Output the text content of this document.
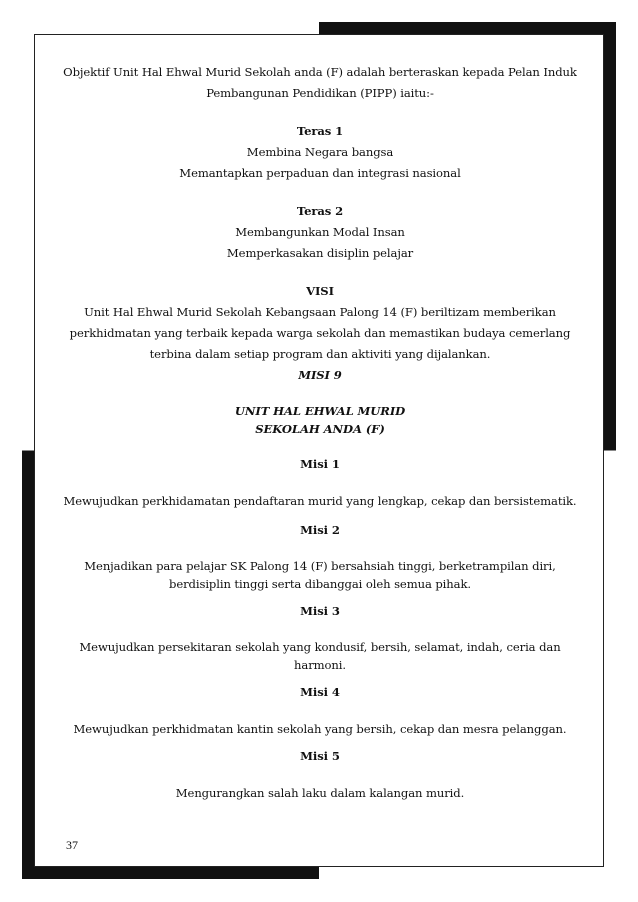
Objektif Unit Hal Ehwal Murid Sekolah anda (F) adalah berteraskan kepada Pelan Induk

Pembangunan Pendidikan (PIPP) iaitu:-

Teras 1

Membina Negara bangsa

Memantapkan perpaduan dan integrasi nasional

Teras 2

Membangunkan Modal Insan

Memperkasakan disiplin pelajar

VISI

Unit Hal Ehwal Murid Sekolah Kebangsaan Palong 14 (F) beriltizam memberikan

perkhidmatan yang terbaik kepada warga sekolah dan memastikan budaya cemerlang

terbina dalam setiap program dan aktiviti yang dijalankan.

MISI 9

UNIT HAL EHWAL MURID

SEKOLAH ANDA (F)

Misi 1

Mewujudkan perkhidamatan pendaftaran murid yang lengkap, cekap dan bersistematik.

Misi 2

Menjadikan para pelajar SK Palong 14 (F) bersahsiah tinggi, berketrampilan diri,

berdisiplin tinggi serta dibanggai oleh semua pihak.

Misi 3

Mewujudkan persekitaran sekolah yang kondusif, bersih, selamat, indah, ceria dan

harmoni.

Misi 4

Mewujudkan perkhidmatan kantin sekolah yang bersih, cekap dan mesra pelanggan.

Misi 5

Mengurangkan salah laku dalam kalangan murid.

37
